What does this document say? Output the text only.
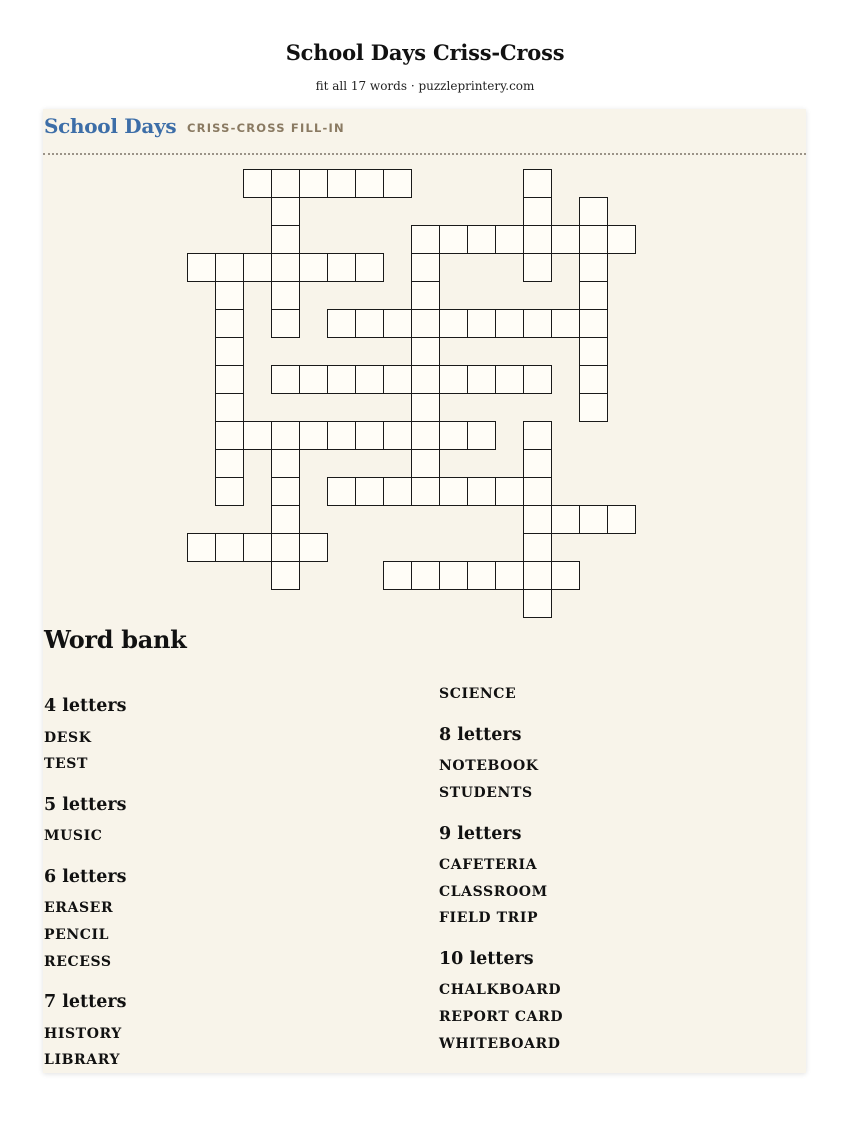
School Days Criss-Cross
fit all 17 words · puzzleprintery.com
School Days CRISS-CROSS FILL-IN
Word bank
4 letters
DESK
TEST
5 letters
MUSIC
6 letters
ERASER
PENCIL
RECESS
7 letters
HISTORY
LIBRARY
SCIENCE
8 letters
NOTEBOOK
STUDENTS
9 letters
CAFETERIA
CLASSROOM
FIELD TRIP
10 letters
CHALKBOARD
REPORT CARD
WHITEBOARD
